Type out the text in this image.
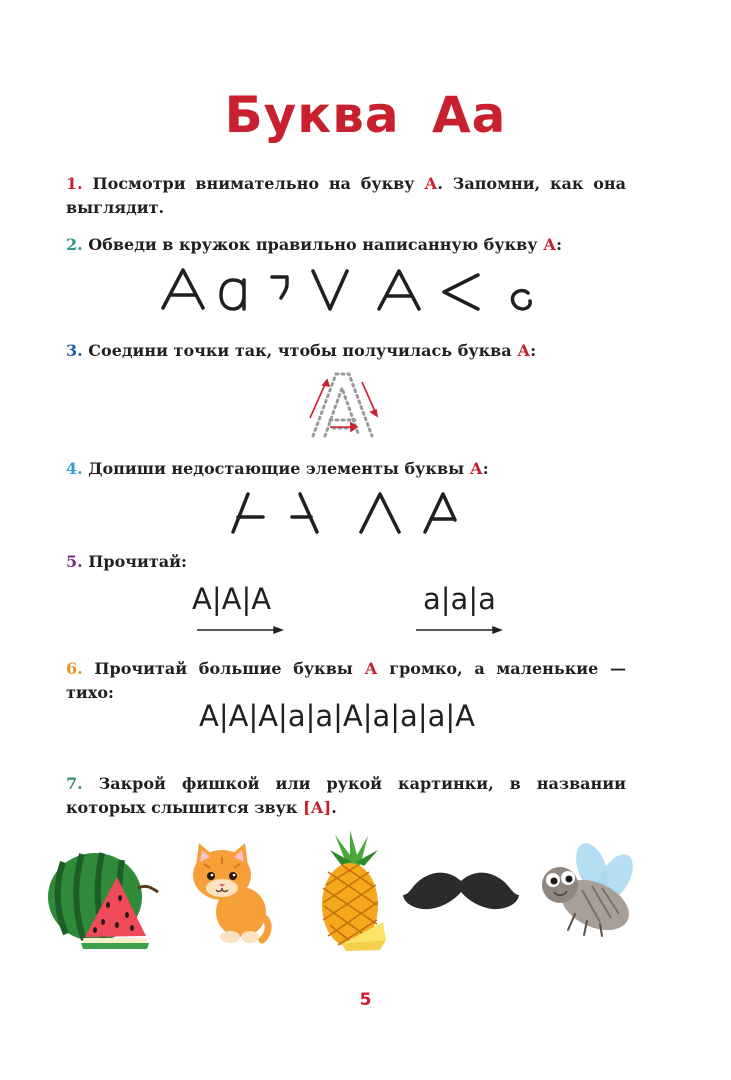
Буква Аа
1. Посмотри внимательно на букву А. Запомни, как она выглядит.
2. Обведи в кружок правильно написанную букву А:
3. Соедини точки так, чтобы получилась буква А:
4. Допиши недостающие элементы буквы А:
5. Прочитай:
А|А|А	а|а|а
6. Прочитай большие буквы А громко, а маленькие — тихо:
А|А|А|а|а|А|а|а|а|А
7. Закрой фишкой или рукой картинки, в названии которых слышится звук [А].
5
